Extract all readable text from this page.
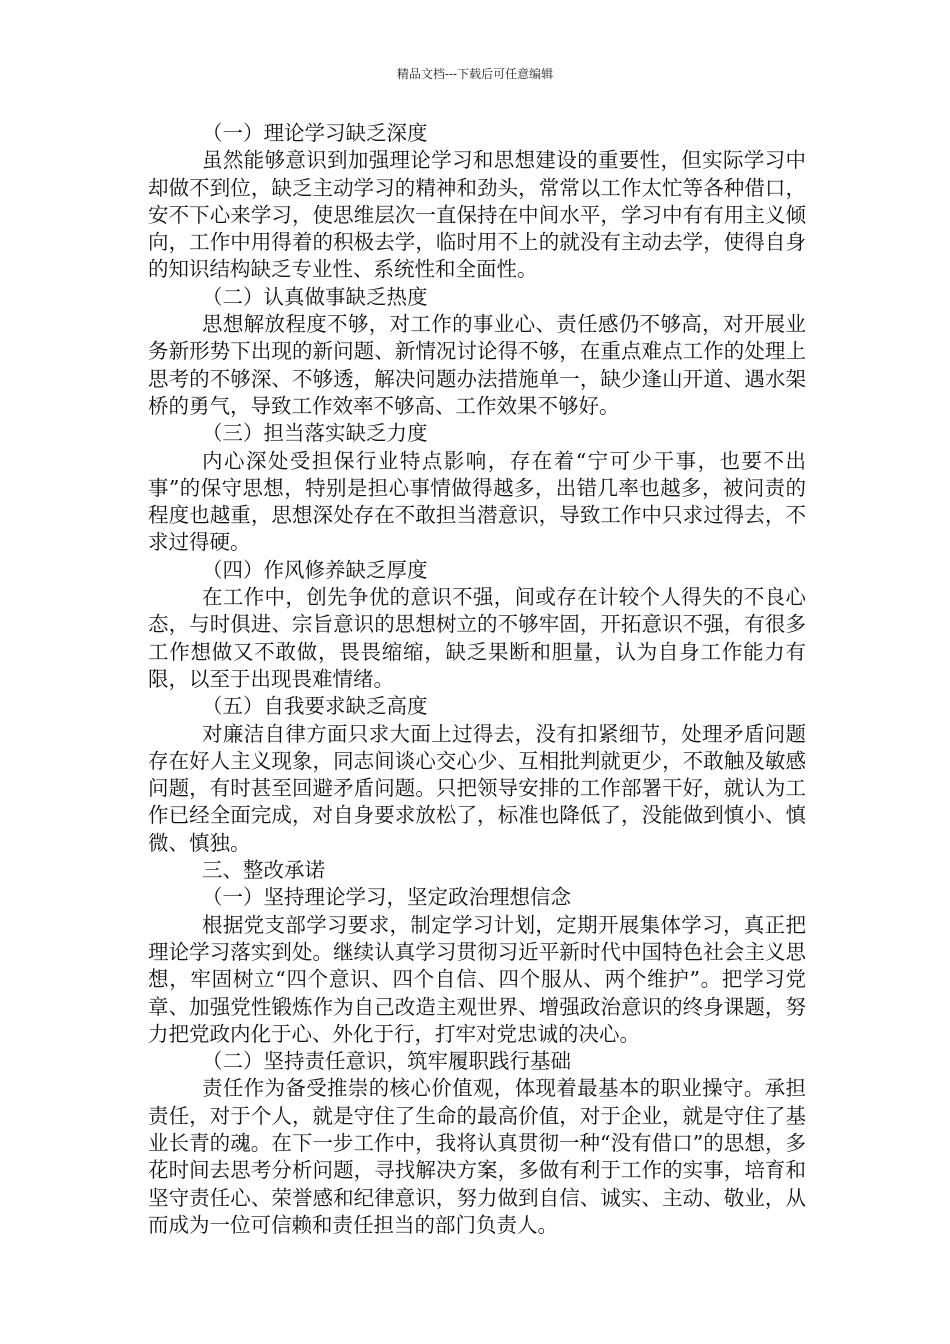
精品文档---下载后可任意编辑
（一）理论学习缺乏深度
虽然能够意识到加强理论学习和思想建设的重要性，但实际学习中却做不到位，缺乏主动学习的精神和劲头，常常以工作太忙等各种借口，安不下心来学习，使思维层次一直保持在中间水平，学习中有有用主义倾向，工作中用得着的积极去学，临时用不上的就没有主动去学，使得自身的知识结构缺乏专业性、系统性和全面性。
（二）认真做事缺乏热度
思想解放程度不够，对工作的事业心、责任感仍不够高，对开展业务新形势下出现的新问题、新情况讨论得不够，在重点难点工作的处理上思考的不够深、不够透，解决问题办法措施单一，缺少逢山开道、遇水架桥的勇气，导致工作效率不够高、工作效果不够好。
（三）担当落实缺乏力度
内心深处受担保行业特点影响，存在着“宁可少干事，也要不出事”的保守思想，特别是担心事情做得越多，出错几率也越多，被问责的程度也越重，思想深处存在不敢担当潜意识，导致工作中只求过得去，不求过得硬。
（四）作风修养缺乏厚度
在工作中，创先争优的意识不强，间或存在计较个人得失的不良心态，与时俱进、宗旨意识的思想树立的不够牢固，开拓意识不强，有很多工作想做又不敢做，畏畏缩缩，缺乏果断和胆量，认为自身工作能力有限，以至于出现畏难情绪。
（五）自我要求缺乏高度
对廉洁自律方面只求大面上过得去，没有扣紧细节，处理矛盾问题存在好人主义现象，同志间谈心交心少、互相批判就更少，不敢触及敏感问题，有时甚至回避矛盾问题。只把领导安排的工作部署干好，就认为工作已经全面完成，对自身要求放松了，标准也降低了，没能做到慎小、慎微、慎独。
三、整改承诺
（一）坚持理论学习，坚定政治理想信念
根据党支部学习要求，制定学习计划，定期开展集体学习，真正把理论学习落实到处。继续认真学习贯彻习近平新时代中国特色社会主义思想，牢固树立“四个意识、四个自信、四个服从、两个维护”。把学习党章、加强党性锻炼作为自己改造主观世界、增强政治意识的终身课题，努力把党政内化于心、外化于行，打牢对党忠诚的决心。
（二）坚持责任意识，筑牢履职践行基础
责任作为备受推崇的核心价值观，体现着最基本的职业操守。承担责任，对于个人，就是守住了生命的最高价值，对于企业，就是守住了基业长青的魂。在下一步工作中，我将认真贯彻一种“没有借口”的思想，多花时间去思考分析问题，寻找解决方案，多做有利于工作的实事，培育和坚守责任心、荣誉感和纪律意识，努力做到自信、诚实、主动、敬业，从而成为一位可信赖和责任担当的部门负责人。
